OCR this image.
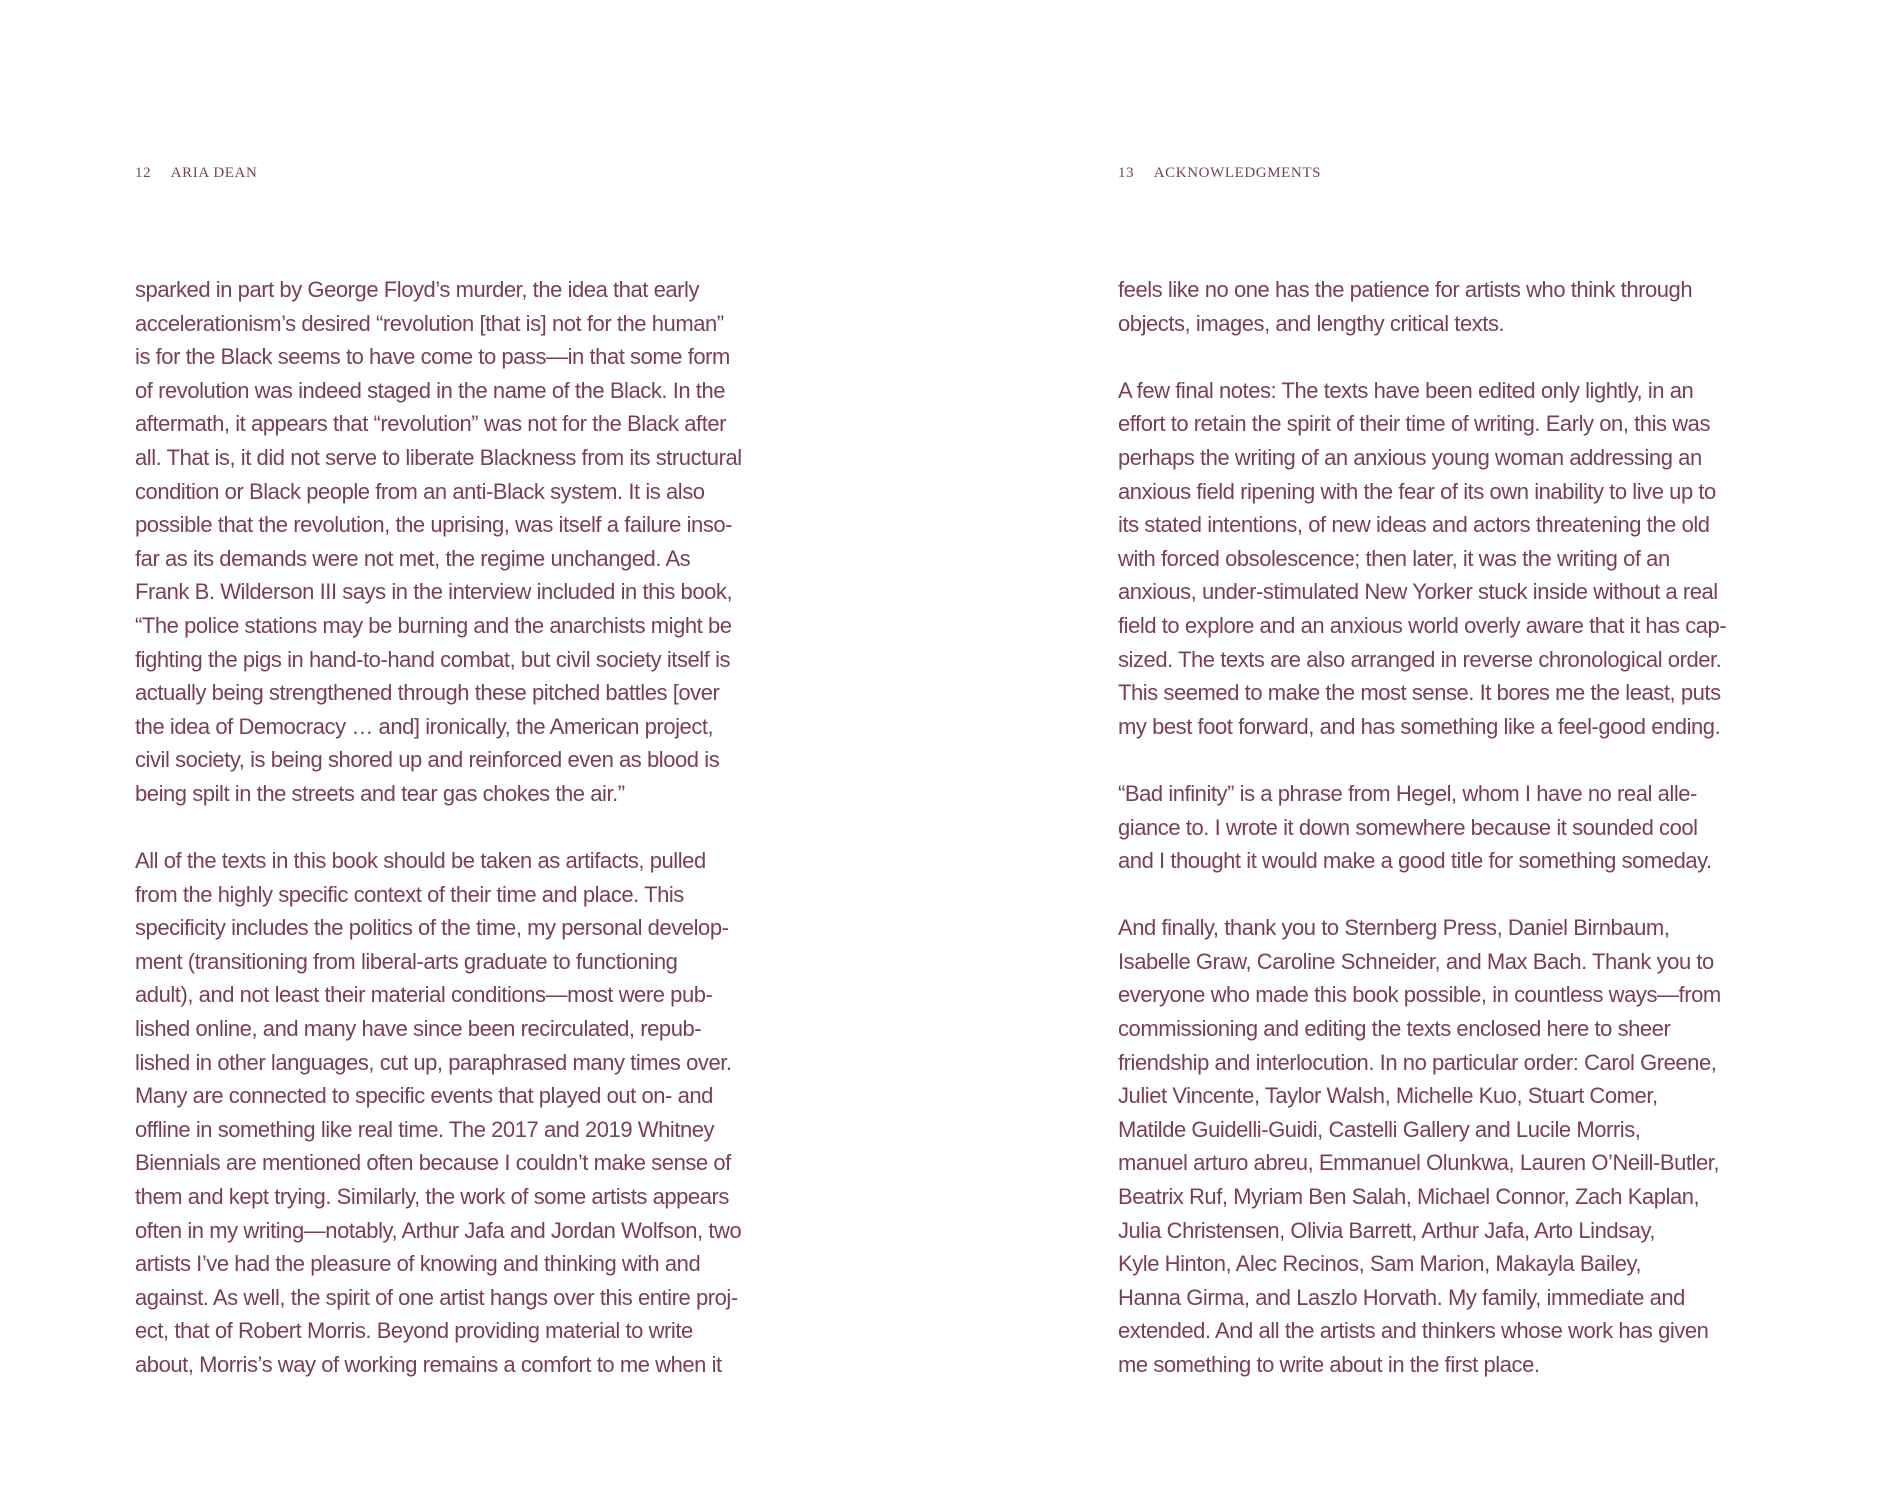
12 ARIA DEAN
sparked in part by George Floyd’s murder, the idea that early
accelerationism’s desired “revolution [that is] not for the human”
is for the Black seems to have come to pass—in that some form
of revolution was indeed staged in the name of the Black. In the
aftermath, it appears that “revolution” was not for the Black after
all. That is, it did not serve to liberate Blackness from its structural
condition or Black people from an anti-Black system. It is also
possible that the revolution, the uprising, was itself a failure inso-
far as its demands were not met, the regime unchanged. As
Frank B. Wilderson III says in the interview included in this book,
“The police stations may be burning and the anarchists might be
fighting the pigs in hand-to-hand combat, but civil society itself is
actually being strengthened through these pitched battles [over
the idea of Democracy … and] ironically, the American project,
civil society, is being shored up and reinforced even as blood is
being spilt in the streets and tear gas chokes the air.”
All of the texts in this book should be taken as artifacts, pulled
from the highly specific context of their time and place. This
specificity includes the politics of the time, my personal develop-
ment (transitioning from liberal-arts graduate to functioning
adult), and not least their material conditions—most were pub-
lished online, and many have since been recirculated, repub-
lished in other languages, cut up, paraphrased many times over.
Many are connected to specific events that played out on- and
offline in something like real time. The 2017 and 2019 Whitney
Biennials are mentioned often because I couldn’t make sense of
them and kept trying. Similarly, the work of some artists appears
often in my writing—notably, Arthur Jafa and Jordan Wolfson, two
artists I’ve had the pleasure of knowing and thinking with and
against. As well, the spirit of one artist hangs over this entire proj-
ect, that of Robert Morris. Beyond providing material to write
about, Morris’s way of working remains a comfort to me when it
13 ACKNOWLEDGMENTS
feels like no one has the patience for artists who think through
objects, images, and lengthy critical texts.
A few final notes: The texts have been edited only lightly, in an
effort to retain the spirit of their time of writing. Early on, this was
perhaps the writing of an anxious young woman addressing an
anxious field ripening with the fear of its own inability to live up to
its stated intentions, of new ideas and actors threatening the old
with forced obsolescence; then later, it was the writing of an
anxious, under-stimulated New Yorker stuck inside without a real
field to explore and an anxious world overly aware that it has cap-
sized. The texts are also arranged in reverse chronological order.
This seemed to make the most sense. It bores me the least, puts
my best foot forward, and has something like a feel-good ending.
“Bad infinity” is a phrase from Hegel, whom I have no real alle-
giance to. I wrote it down somewhere because it sounded cool
and I thought it would make a good title for something someday.
And finally, thank you to Sternberg Press, Daniel Birnbaum,
Isabelle Graw, Caroline Schneider, and Max Bach. Thank you to
everyone who made this book possible, in countless ways—from
commissioning and editing the texts enclosed here to sheer
friendship and interlocution. In no particular order: Carol Greene,
Juliet Vincente, Taylor Walsh, Michelle Kuo, Stuart Comer,
Matilde Guidelli-Guidi, Castelli Gallery and Lucile Morris,
manuel arturo abreu, Emmanuel Olunkwa, Lauren O’Neill-Butler,
Beatrix Ruf, Myriam Ben Salah, Michael Connor, Zach Kaplan,
Julia Christensen, Olivia Barrett, Arthur Jafa, Arto Lindsay,
Kyle Hinton, Alec Recinos, Sam Marion, Makayla Bailey,
Hanna Girma, and Laszlo Horvath. My family, immediate and
extended. And all the artists and thinkers whose work has given
me something to write about in the first place.
